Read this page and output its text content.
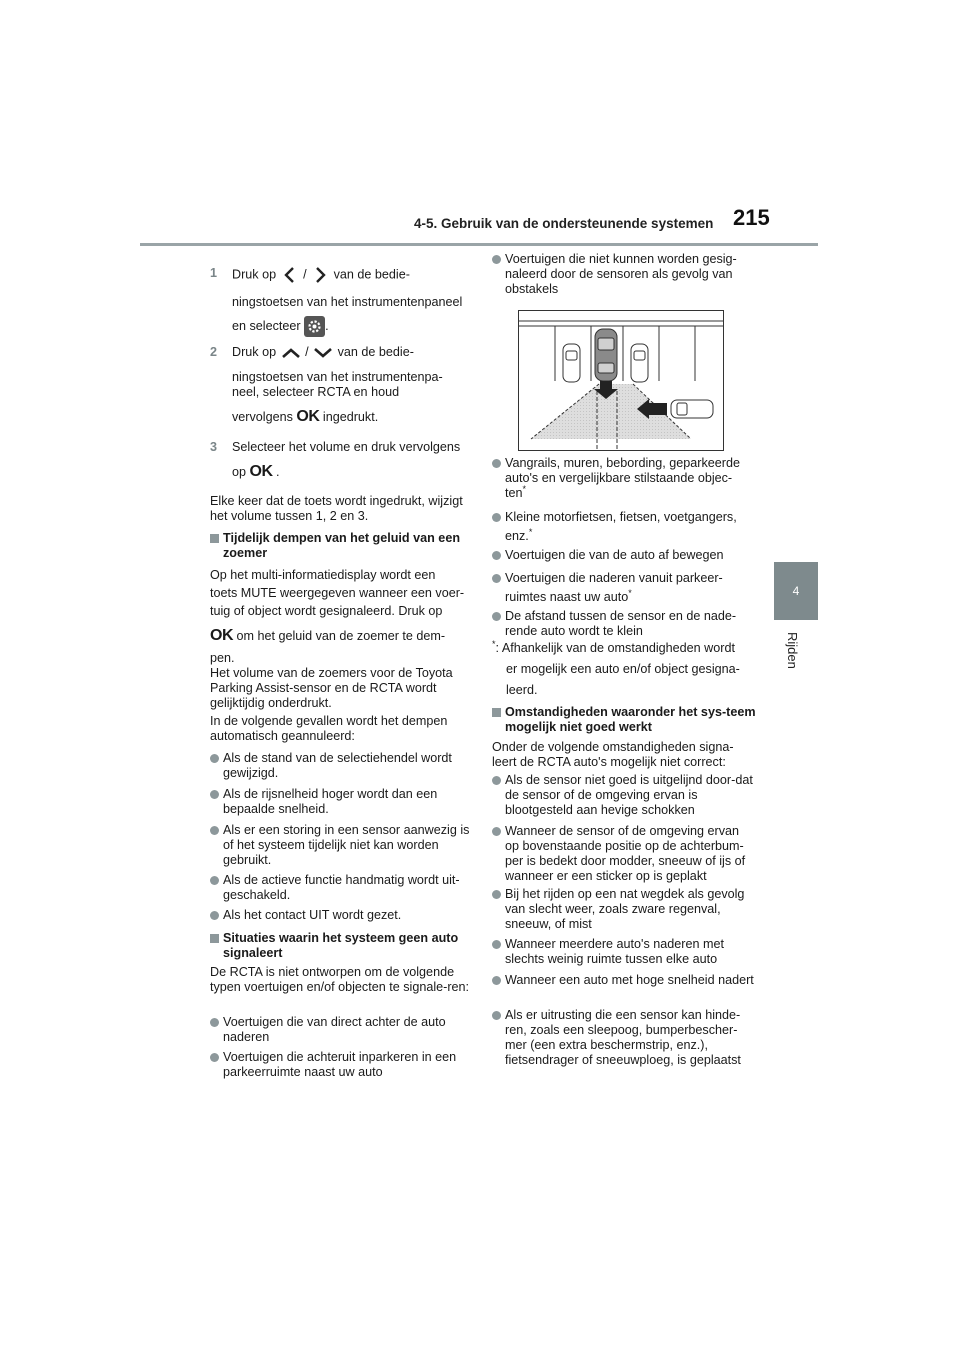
4-5. Gebruik van de ondersteunende systemen 215
4
Rijden
1 Druk op / van de bedie-
ningstoetsen van het instrumentenpaneel
en selecteer .
2 Druk op / van de bedie-
ningstoetsen van het instrumentenpa-
neel, selecteer RCTA en houd
vervolgens OK ingedrukt.
3 Selecteer het volume en druk vervolgens
op OK .
Elke keer dat de toets wordt ingedrukt, wijzigt het volume tussen 1, 2 en 3.
Tijdelijk dempen van het geluid van een zoemer
Op het multi-informatiedisplay wordt een
toets MUTE weergegeven wanneer een voer-
tuig of object wordt gesignaleerd. Druk op
OK om het geluid van de zoemer te dem-
pen.
Het volume van de zoemers voor de Toyota Parking Assist-sensor en de RCTA wordt gelijktijdig onderdrukt.
In de volgende gevallen wordt het dempen automatisch geannuleerd:
Als de stand van de selectiehendel wordt gewijzigd.
Als de rijsnelheid hoger wordt dan een bepaalde snelheid.
Als er een storing in een sensor aanwezig is of het systeem tijdelijk niet kan worden gebruikt.
Als de actieve functie handmatig wordt uit-geschakeld.
Als het contact UIT wordt gezet.
Situaties waarin het systeem geen auto signaleert
De RCTA is niet ontworpen om de volgende typen voertuigen en/of objecten te signale-ren:
Voertuigen die van direct achter de auto naderen
Voertuigen die achteruit inparkeren in een parkeerruimte naast uw auto
Voertuigen die niet kunnen worden gesig-naleerd door de sensoren als gevolg van obstakels
Vangrails, muren, bebording, geparkeerde auto's en vergelijkbare stilstaande objec-
ten*
Kleine motorfietsen, fietsen, voetgangers,
enz.*
Voertuigen die van de auto af bewegen
Voertuigen die naderen vanuit parkeer-
ruimtes naast uw auto*
De afstand tussen de sensor en de nade-rende auto wordt te klein
*: Afhankelijk van de omstandigheden wordt
er mogelijk een auto en/of object gesigna-
leerd.
Omstandigheden waaronder het sys-teem mogelijk niet goed werkt
Onder de volgende omstandigheden signa-leert de RCTA auto's mogelijk niet correct:
Als de sensor niet goed is uitgelijnd door-dat de sensor of de omgeving ervan is blootgesteld aan hevige schokken
Wanneer de sensor of de omgeving ervan op bovenstaande positie op de achterbum-per is bedekt door modder, sneeuw of ijs of wanneer er een sticker op is geplakt
Bij het rijden op een nat wegdek als gevolg van slecht weer, zoals zware regenval, sneeuw, of mist
Wanneer meerdere auto's naderen met slechts weinig ruimte tussen elke auto
Wanneer een auto met hoge snelheid nadert
Als er uitrusting die een sensor kan hinde-ren, zoals een sleepoog, bumperbescher-mer (een extra beschermstrip, enz.), fietsendrager of sneeuwploeg, is geplaatst
